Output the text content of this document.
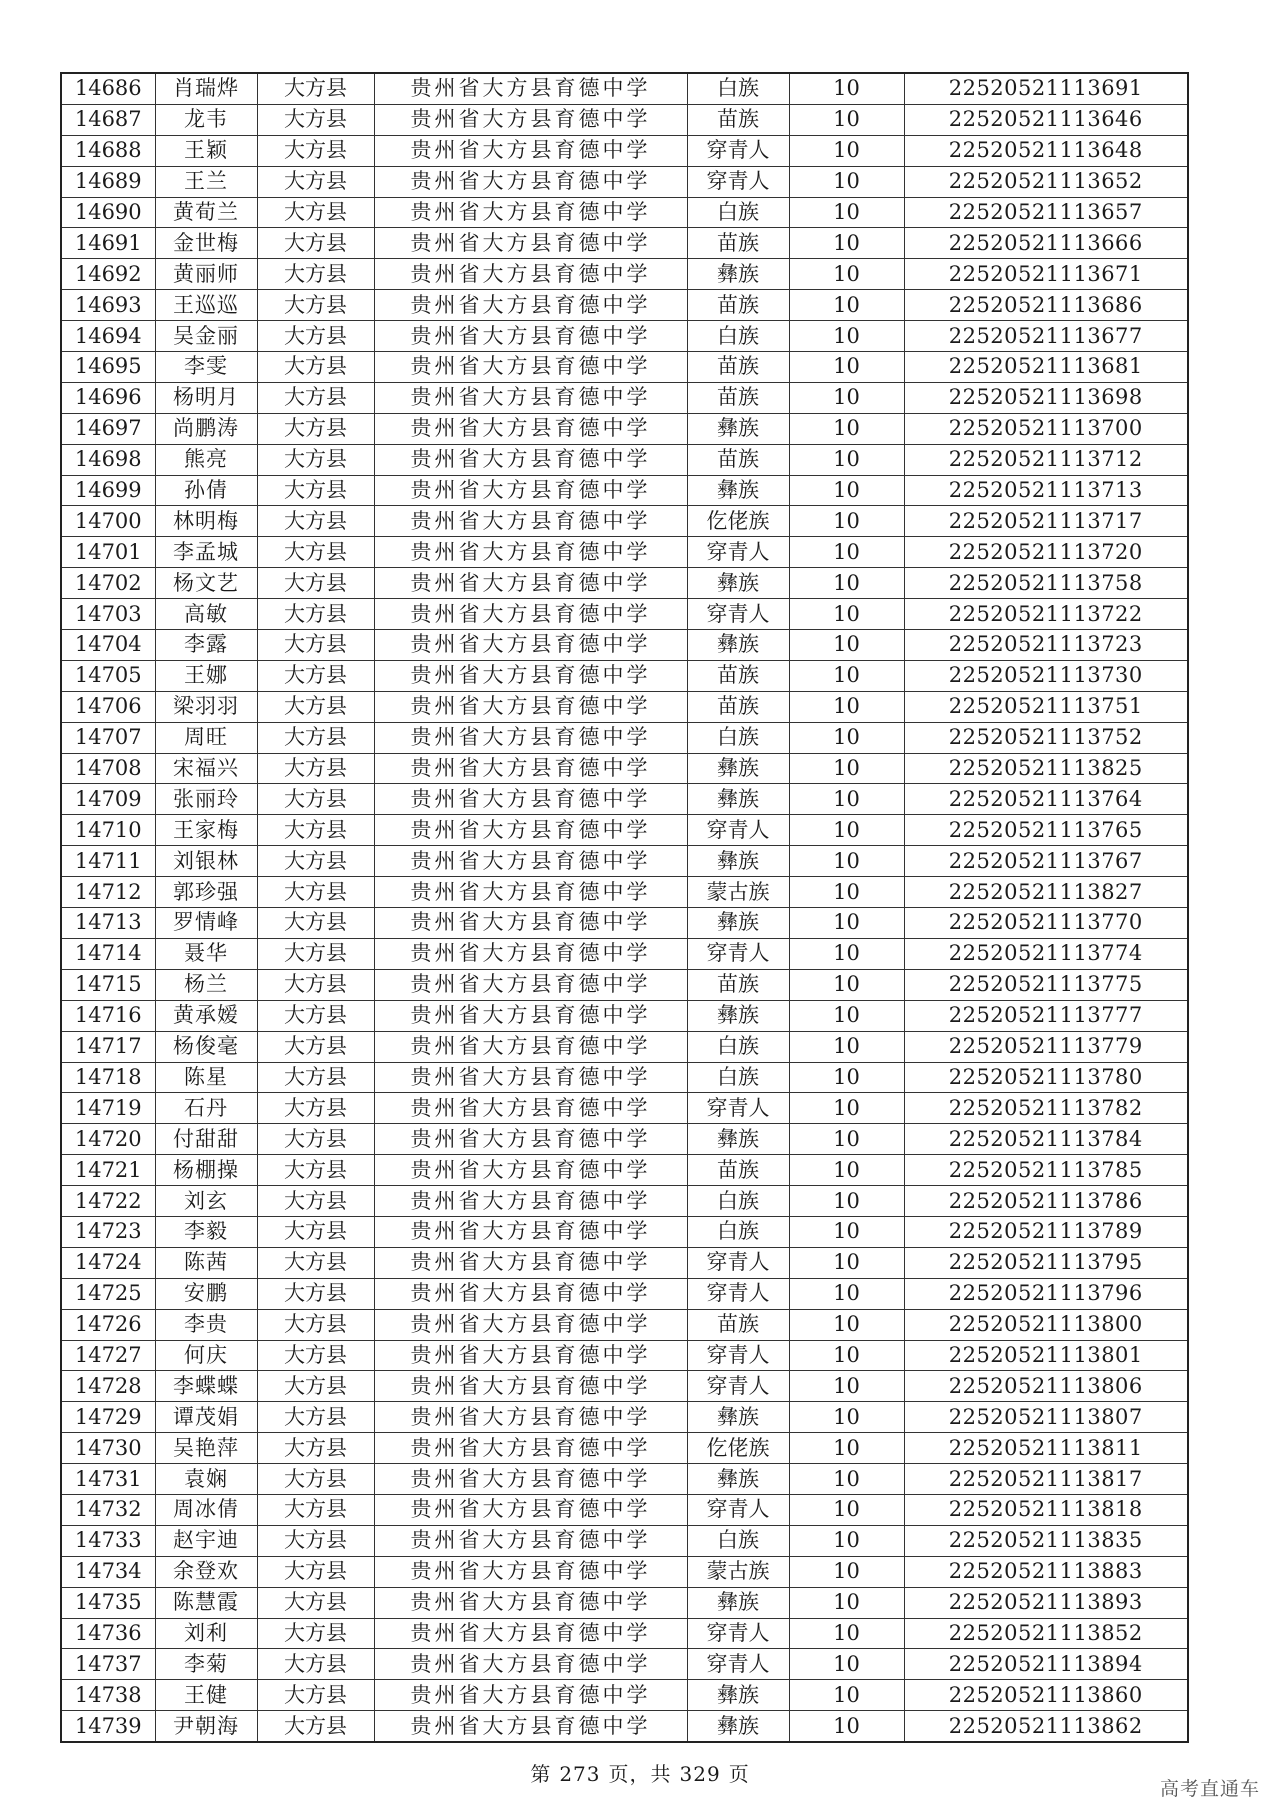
14686	肖瑞烨	大方县	贵州省大方县育德中学	白族	10	22520521113691
14687	龙韦	大方县	贵州省大方县育德中学	苗族	10	22520521113646
14688	王颖	大方县	贵州省大方县育德中学	穿青人	10	22520521113648
14689	王兰	大方县	贵州省大方县育德中学	穿青人	10	22520521113652
14690	黄荀兰	大方县	贵州省大方县育德中学	白族	10	22520521113657
14691	金世梅	大方县	贵州省大方县育德中学	苗族	10	22520521113666
14692	黄丽师	大方县	贵州省大方县育德中学	彝族	10	22520521113671
14693	王巡巡	大方县	贵州省大方县育德中学	苗族	10	22520521113686
14694	吴金丽	大方县	贵州省大方县育德中学	白族	10	22520521113677
14695	李雯	大方县	贵州省大方县育德中学	苗族	10	22520521113681
14696	杨明月	大方县	贵州省大方县育德中学	苗族	10	22520521113698
14697	尚鹏涛	大方县	贵州省大方县育德中学	彝族	10	22520521113700
14698	熊亮	大方县	贵州省大方县育德中学	苗族	10	22520521113712
14699	孙倩	大方县	贵州省大方县育德中学	彝族	10	22520521113713
14700	林明梅	大方县	贵州省大方县育德中学	仡佬族	10	22520521113717
14701	李孟城	大方县	贵州省大方县育德中学	穿青人	10	22520521113720
14702	杨文艺	大方县	贵州省大方县育德中学	彝族	10	22520521113758
14703	高敏	大方县	贵州省大方县育德中学	穿青人	10	22520521113722
14704	李露	大方县	贵州省大方县育德中学	彝族	10	22520521113723
14705	王娜	大方县	贵州省大方县育德中学	苗族	10	22520521113730
14706	梁羽羽	大方县	贵州省大方县育德中学	苗族	10	22520521113751
14707	周旺	大方县	贵州省大方县育德中学	白族	10	22520521113752
14708	宋福兴	大方县	贵州省大方县育德中学	彝族	10	22520521113825
14709	张丽玲	大方县	贵州省大方县育德中学	彝族	10	22520521113764
14710	王家梅	大方县	贵州省大方县育德中学	穿青人	10	22520521113765
14711	刘银林	大方县	贵州省大方县育德中学	彝族	10	22520521113767
14712	郭珍强	大方县	贵州省大方县育德中学	蒙古族	10	22520521113827
14713	罗情峰	大方县	贵州省大方县育德中学	彝族	10	22520521113770
14714	聂华	大方县	贵州省大方县育德中学	穿青人	10	22520521113774
14715	杨兰	大方县	贵州省大方县育德中学	苗族	10	22520521113775
14716	黄承嫒	大方县	贵州省大方县育德中学	彝族	10	22520521113777
14717	杨俊毫	大方县	贵州省大方县育德中学	白族	10	22520521113779
14718	陈星	大方县	贵州省大方县育德中学	白族	10	22520521113780
14719	石丹	大方县	贵州省大方县育德中学	穿青人	10	22520521113782
14720	付甜甜	大方县	贵州省大方县育德中学	彝族	10	22520521113784
14721	杨棚操	大方县	贵州省大方县育德中学	苗族	10	22520521113785
14722	刘玄	大方县	贵州省大方县育德中学	白族	10	22520521113786
14723	李毅	大方县	贵州省大方县育德中学	白族	10	22520521113789
14724	陈茜	大方县	贵州省大方县育德中学	穿青人	10	22520521113795
14725	安鹏	大方县	贵州省大方县育德中学	穿青人	10	22520521113796
14726	李贵	大方县	贵州省大方县育德中学	苗族	10	22520521113800
14727	何庆	大方县	贵州省大方县育德中学	穿青人	10	22520521113801
14728	李蝶蝶	大方县	贵州省大方县育德中学	穿青人	10	22520521113806
14729	谭茂娟	大方县	贵州省大方县育德中学	彝族	10	22520521113807
14730	吴艳萍	大方县	贵州省大方县育德中学	仡佬族	10	22520521113811
14731	袁娴	大方县	贵州省大方县育德中学	彝族	10	22520521113817
14732	周冰倩	大方县	贵州省大方县育德中学	穿青人	10	22520521113818
14733	赵宇迪	大方县	贵州省大方县育德中学	白族	10	22520521113835
14734	余登欢	大方县	贵州省大方县育德中学	蒙古族	10	22520521113883
14735	陈慧霞	大方县	贵州省大方县育德中学	彝族	10	22520521113893
14736	刘利	大方县	贵州省大方县育德中学	穿青人	10	22520521113852
14737	李菊	大方县	贵州省大方县育德中学	穿青人	10	22520521113894
14738	王健	大方县	贵州省大方县育德中学	彝族	10	22520521113860
14739	尹朝海	大方县	贵州省大方县育德中学	彝族	10	22520521113862
第 273 页，共 329 页
高考直通车
